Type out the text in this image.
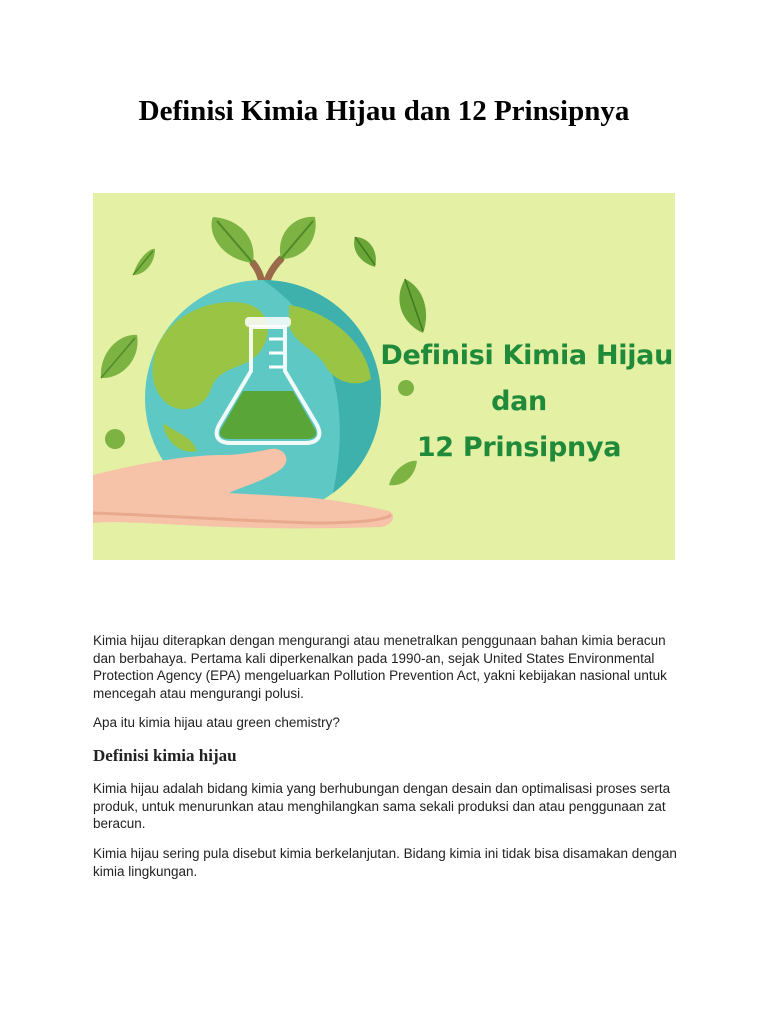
Definisi Kimia Hijau dan 12 Prinsipnya
Definisi Kimia Hijau
dan
12 Prinsipnya

Kimia hijau diterapkan dengan mengurangi atau menetralkan penggunaan bahan kimia beracun dan berbahaya. Pertama kali diperkenalkan pada 1990-an, sejak United States Environmental Protection Agency (EPA) mengeluarkan Pollution Prevention Act, yakni kebijakan nasional untuk mencegah atau mengurangi polusi.

Apa itu kimia hijau atau green chemistry?

Definisi kimia hijau

Kimia hijau adalah bidang kimia yang berhubungan dengan desain dan optimalisasi proses serta produk, untuk menurunkan atau menghilangkan sama sekali produksi dan atau penggunaan zat beracun.

Kimia hijau sering pula disebut kimia berkelanjutan. Bidang kimia ini tidak bisa disamakan dengan kimia lingkungan.
